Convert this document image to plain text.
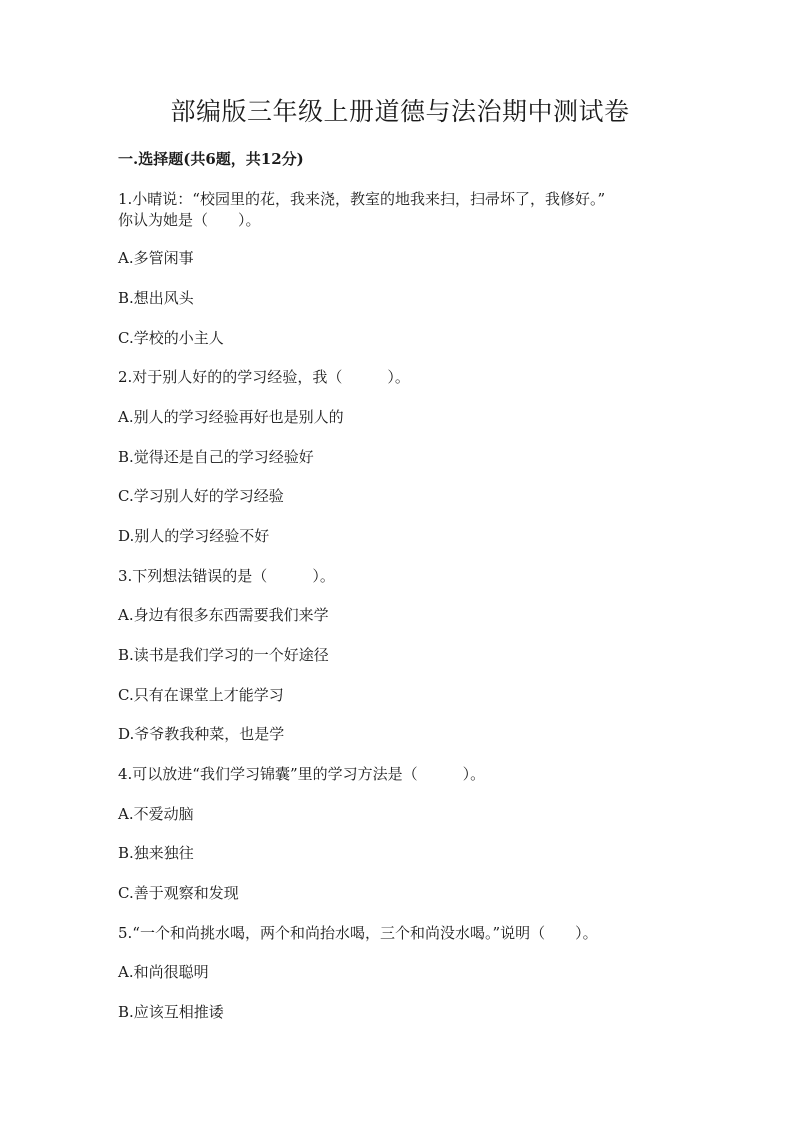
部编版三年级上册道德与法治期中测试卷
一.选择题(共6题，共12分)
1.小晴说：“校园里的花，我来浇，教室的地我来扫，扫帚坏了，我修好。”
你认为她是（　　）。
A.多管闲事
B.想出风头
C.学校的小主人
2.对于别人好的的学习经验，我（　　　）。
A.别人的学习经验再好也是别人的
B.觉得还是自己的学习经验好
C.学习别人好的学习经验
D.别人的学习经验不好
3.下列想法错误的是（　　　）。
A.身边有很多东西需要我们来学
B.读书是我们学习的一个好途径
C.只有在课堂上才能学习
D.爷爷教我种菜，也是学
4.可以放进“我们学习锦囊”里的学习方法是（　　　）。
A.不爱动脑
B.独来独往
C.善于观察和发现
5.“一个和尚挑水喝，两个和尚抬水喝，三个和尚没水喝。”说明（　　）。
A.和尚很聪明
B.应该互相推诿
